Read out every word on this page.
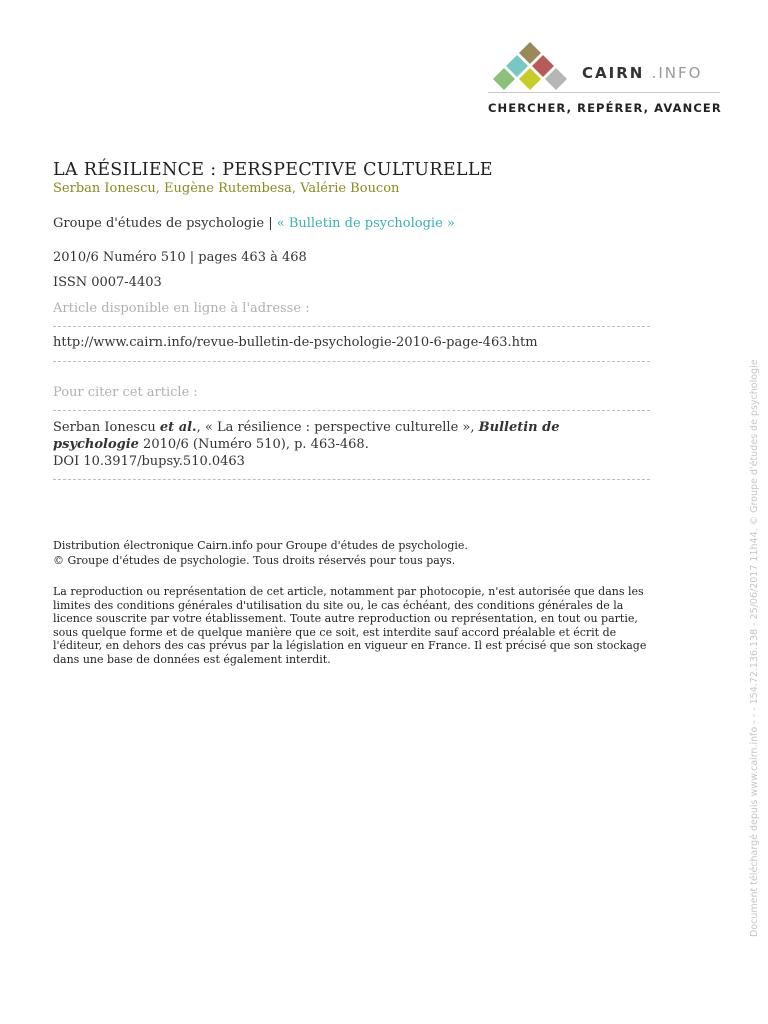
CAIRN .INFO
CHERCHER, REPÉRER, AVANCER
LA RÉSILIENCE : PERSPECTIVE CULTURELLE
Serban Ionescu, Eugène Rutembesa, Valérie Boucon
Groupe d'études de psychologie | « Bulletin de psychologie »
2010/6 Numéro 510 | pages 463 à 468
ISSN 0007-4403
Article disponible en ligne à l'adresse :
http://www.cairn.info/revue-bulletin-de-psychologie-2010-6-page-463.htm
Pour citer cet article :
Serban Ionescu et al., « La résilience : perspective culturelle », Bulletin de
psychologie 2010/6 (Numéro 510), p. 463-468.
DOI 10.3917/bupsy.510.0463
Distribution électronique Cairn.info pour Groupe d'études de psychologie.
© Groupe d'études de psychologie. Tous droits réservés pour tous pays.
La reproduction ou représentation de cet article, notamment par photocopie, n'est autorisée que dans les
limites des conditions générales d'utilisation du site ou, le cas échéant, des conditions générales de la
licence souscrite par votre établissement. Toute autre reproduction ou représentation, en tout ou partie,
sous quelque forme et de quelque manière que ce soit, est interdite sauf accord préalable et écrit de
l'éditeur, en dehors des cas prévus par la législation en vigueur en France. Il est précisé que son stockage
dans une base de données est également interdit.	Document téléchargé depuis www.cairn.info - - - 154.72.136.138 - 25/06/2017 11h44. © Groupe d'études de psychologie
